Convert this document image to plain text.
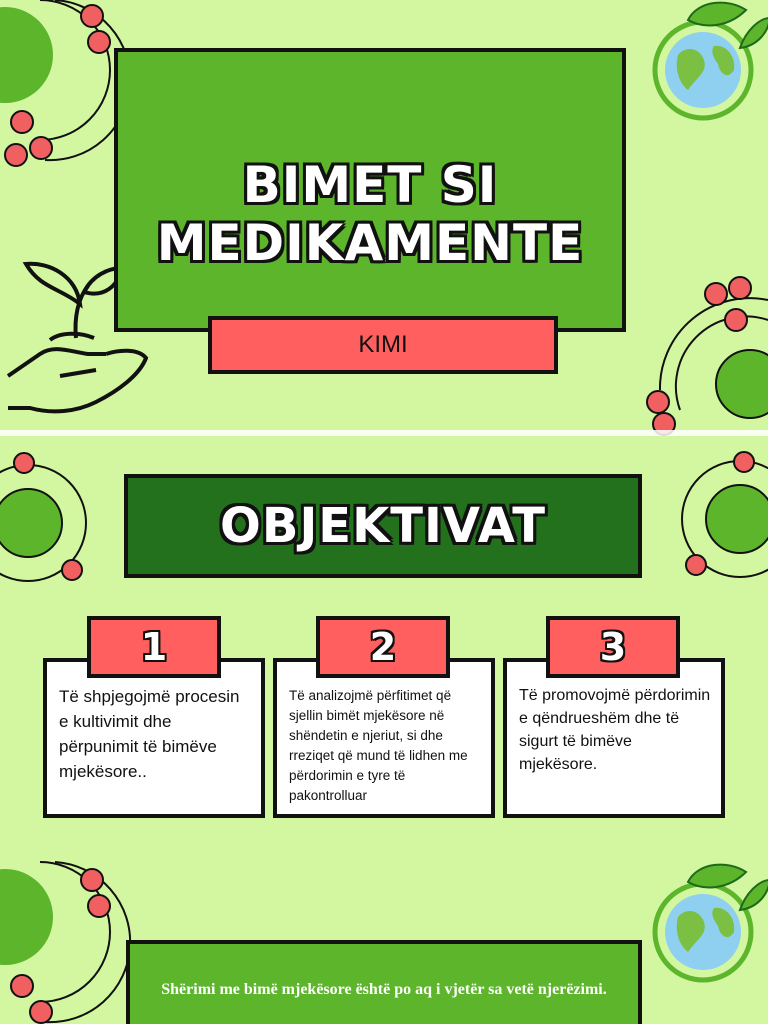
BIMET SI
MEDIKAMENTE
KIMI
OBJEKTIVAT
Të shpjegojmë procesin e kultivimit dhe përpunimit të bimëve mjekësore..
Të analizojmë përfitimet që sjellin bimët mjekësore në shëndetin e njeriut, si dhe rreziqet që mund të lidhen me përdorimin e tyre të pakontrolluar
Të promovojmë përdorimin e qëndrueshëm dhe të sigurt të bimëve mjekësore.
1	2	3
Shërimi me bimë mjekësore është po aq i vjetër sa vetë njerëzimi.
